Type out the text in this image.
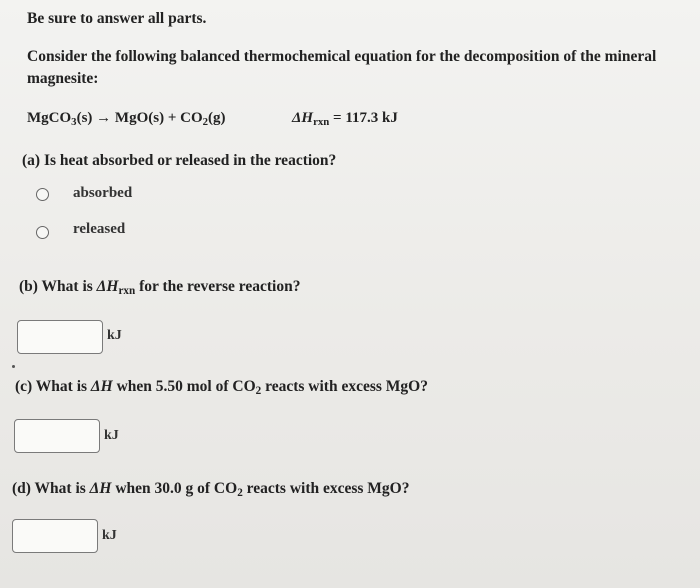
Be sure to answer all parts.
Consider the following balanced thermochemical equation for the decomposition of the mineral
magnesite:
MgCO$_3$(s) → $MgO(s) + CO_2(g)$	$\Delta H_{rxn} = 117.3$ kJ
(a) Is heat absorbed or released in the reaction?
absorbed
released
(b) What is $\Delta H_{rxn}$ for the reverse reaction?
kJ
(c) What is ΔH when 5.50 mol of $CO_2$ reacts with excess MgO?
kJ
(d) What is ΔH when 30.0 g of $CO_2$ reacts with excess MgO?
kJ
